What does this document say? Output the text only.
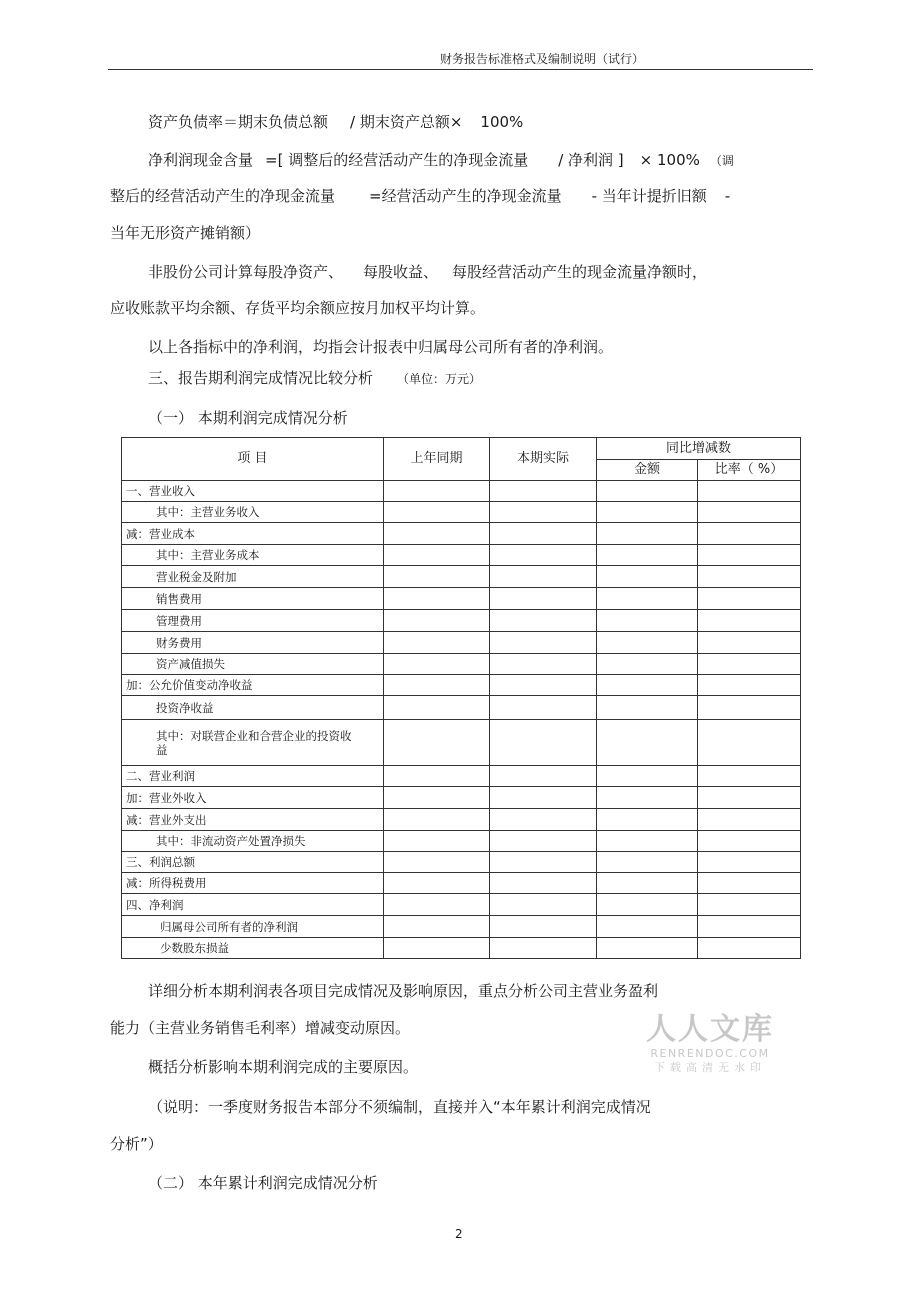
财务报告标准格式及编制说明（试行）
资产负债率＝期末负债总额 / 期末资产总额× 100%
净利润现金含量 =[ 调整后的经营活动产生的净现金流量 / 净利润 ] × 100% （调
整后的经营活动产生的净现金流量 =经营活动产生的净现金流量 - 当年计提折旧额 -
当年无形资产摊销额）
非股份公司计算每股净资产、 每股收益、 每股经营活动产生的现金流量净额时，
应收账款平均余额、存货平均余额应按月加权平均计算。
以上各指标中的净利润，均指会计报表中归属母公司所有者的净利润。
三、报告期利润完成情况比较分析 （单位：万元）
（一） 本期利润完成情况分析
项 目	上年同期	本期实际	同比增减数	
			金额	比率（ %）
一、营业收入				
其中：主营业务收入				
减：营业成本				
其中：主营业务成本				
营业税金及附加				
销售费用				
管理费用				
财务费用				
资产减值损失				
加：公允价值变动净收益				
投资净收益				

其中：对联营企业和合营企业的投资收益				

二、营业利润				
加：营业外收入				
减：营业外支出				
其中：非流动资产处置净损失				
三、利润总额				
减：所得税费用				
四、净利润				
归属母公司所有者的净利润				
少数股东损益				
详细分析本期利润表各项目完成情况及影响原因，重点分析公司主营业务盈利
能力（主营业务销售毛利率）增减变动原因。
概括分析影响本期利润完成的主要原因。
（说明：一季度财务报告本部分不须编制，直接并入“本年累计利润完成情况
分析”）
（二） 本年累计利润完成情况分析
人人文库
RENRENDOC.COM
下载高清无水印
2
